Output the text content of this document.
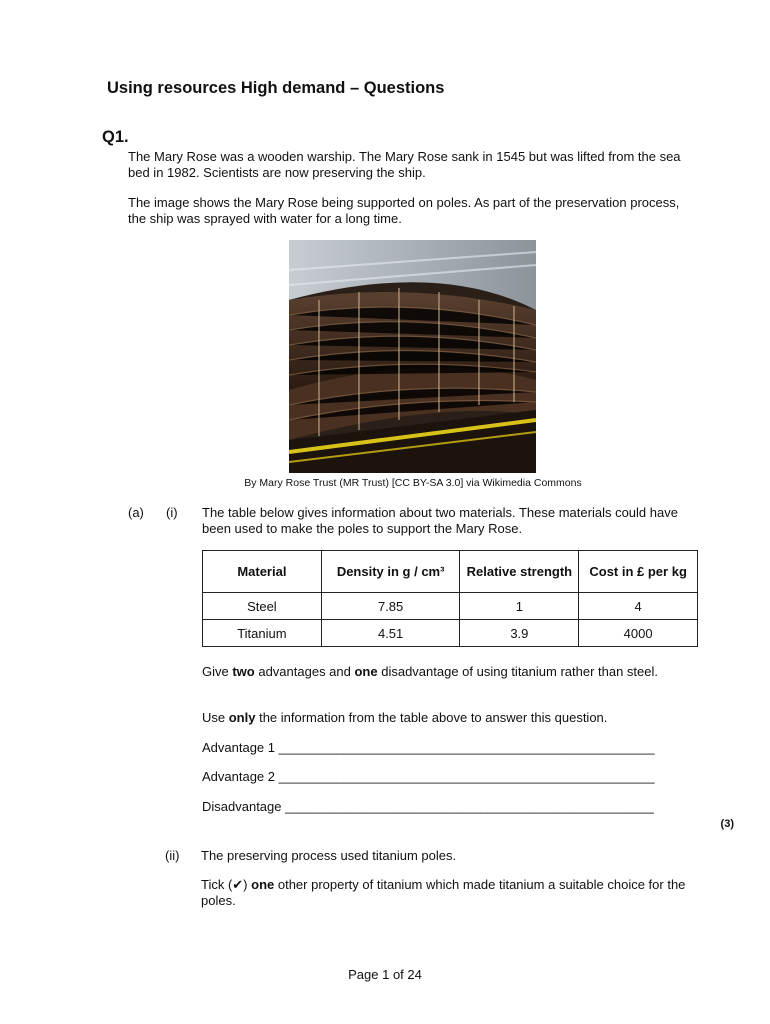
Using resources High demand – Questions
Q1.
The Mary Rose was a wooden warship. The Mary Rose sank in 1545 but was lifted from the sea bed in 1982. Scientists are now preserving the ship.
The image shows the Mary Rose being supported on poles. As part of the preservation process, the ship was sprayed with water for a long time.
By Mary Rose Trust (MR Trust) [CC BY-SA 3.0] via Wikimedia Commons
(a) (i) The table below gives information about two materials. These materials could have been used to make the poles to support the Mary Rose.
Material	Density in g / cm³	Relative strength	Cost in £ per kg
Steel	7.85	1	4
Titanium	4.51	3.9	4000
Give two advantages and one disadvantage of using titanium rather than steel.
Use only the information from the table above to answer this question.
Advantage 1 ____________________________________________________
Advantage 2 ____________________________________________________
Disadvantage ___________________________________________________
(3)
(ii) The preserving process used titanium poles.
Tick (✔) one other property of titanium which made titanium a suitable choice for the poles.
Page 1 of 24
